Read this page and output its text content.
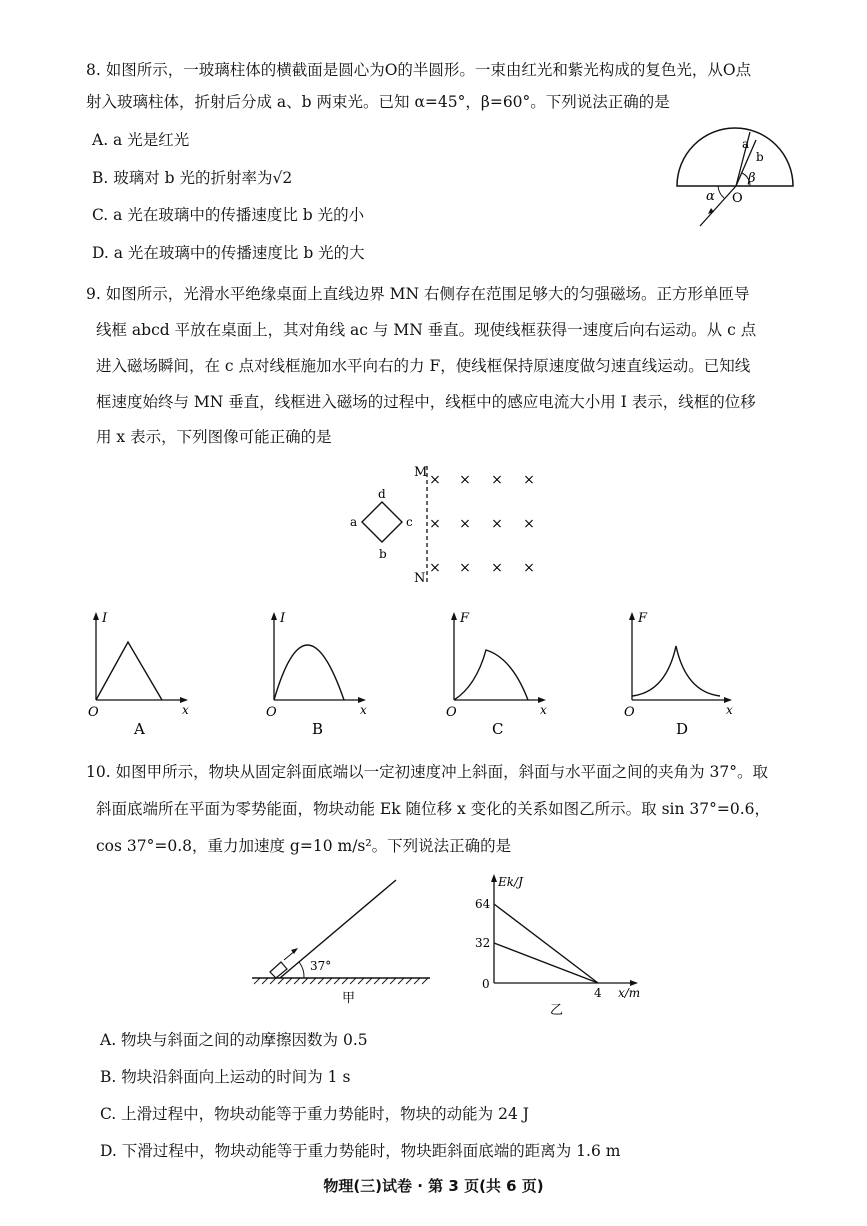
8. 如图所示，一玻璃柱体的横截面是圆心为O的半圆形。一束由红光和紫光构成的复色光，从O点
射入玻璃柱体，折射后分成 a、b 两束光。已知 α=45°，β=60°。下列说法正确的是
A. a 光是红光
B. 玻璃对 b 光的折射率为√2
C. a 光在玻璃中的传播速度比 b 光的小
D. a 光在玻璃中的传播速度比 b 光的大
a
b
α
β
O
9. 如图所示，光滑水平绝缘桌面上直线边界 MN 右侧存在范围足够大的匀强磁场。正方形单匝导
线框 abcd 平放在桌面上，其对角线 ac 与 MN 垂直。现使线框获得一速度后向右运动。从 c 点
进入磁场瞬间，在 c 点对线框施加水平向右的力 F，使线框保持原速度做匀速直线运动。已知线
框速度始终与 MN 垂直，线框进入磁场的过程中，线框中的感应电流大小用 I 表示，线框的位移
用 x 表示，下列图像可能正确的是
M
N
d
a	c
b
× × × ×
× × × ×
× × × ×
I
x
O
A
I
x
O
B
F
x
O
C
F
x
O
D
10. 如图甲所示，物块从固定斜面底端以一定初速度冲上斜面，斜面与水平面之间的夹角为 37°。取
斜面底端所在平面为零势能面，物块动能 Ek 随位移 x 变化的关系如图乙所示。取 sin 37°=0.6，
cos 37°=0.8，重力加速度 g=10 m/s²。下列说法正确的是
37°
甲
Ek/J
64
32
0
4 x/m
乙
A. 物块与斜面之间的动摩擦因数为 0.5
B. 物块沿斜面向上运动的时间为 1 s
C. 上滑过程中，物块动能等于重力势能时，物块的动能为 24 J
D. 下滑过程中，物块动能等于重力势能时，物块距斜面底端的距离为 1.6 m
物理(三)试卷 · 第 3 页(共 6 页)
